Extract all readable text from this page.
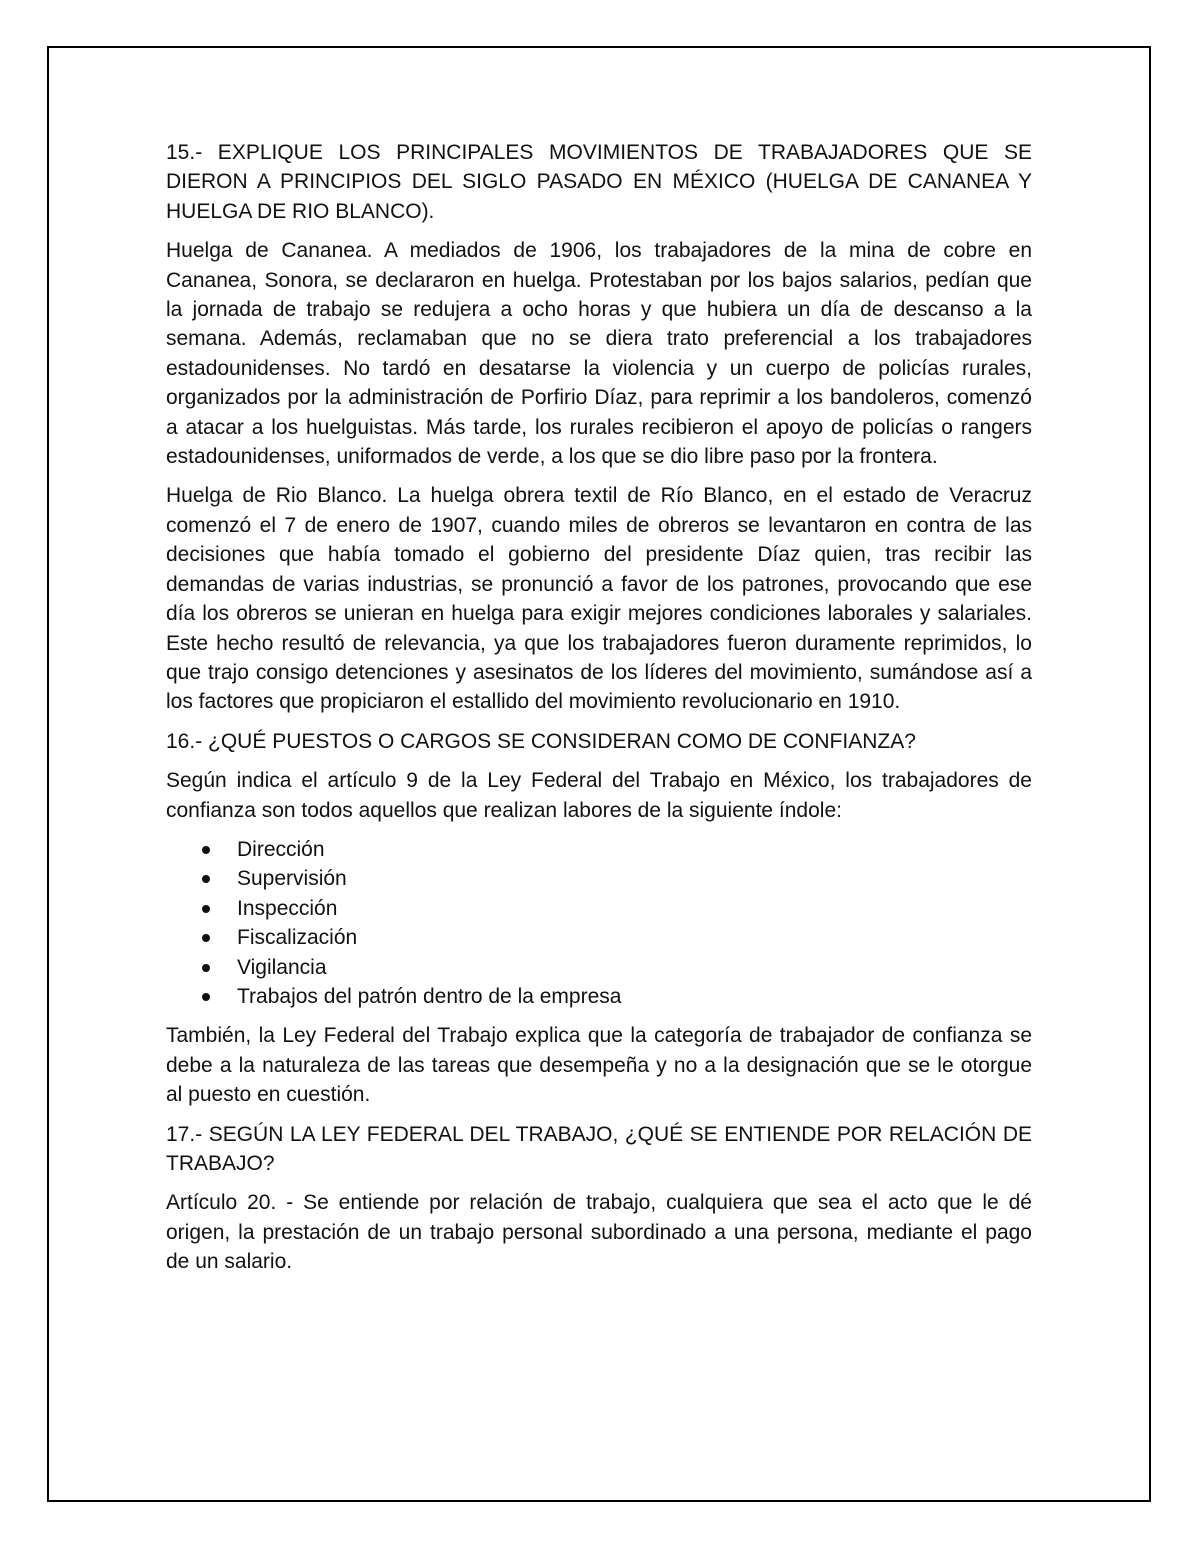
15.- EXPLIQUE LOS PRINCIPALES MOVIMIENTOS DE TRABAJADORES QUE SE DIERON A PRINCIPIOS DEL SIGLO PASADO EN MÉXICO (HUELGA DE CANANEA Y HUELGA DE RIO BLANCO).

Huelga de Cananea. A mediados de 1906, los trabajadores de la mina de cobre en Cananea, Sonora, se declararon en huelga. Protestaban por los bajos salarios, pedían que la jornada de trabajo se redujera a ocho horas y que hubiera un día de descanso a la semana. Además, reclamaban que no se diera trato preferencial a los trabajadores estadounidenses. No tardó en desatarse la violencia y un cuerpo de policías rurales, organizados por la administración de Porfirio Díaz, para reprimir a los bandoleros, comenzó a atacar a los huelguistas. Más tarde, los rurales recibieron el apoyo de policías o rangers estadounidenses, uniformados de verde, a los que se dio libre paso por la frontera.

Huelga de Rio Blanco. La huelga obrera textil de Río Blanco, en el estado de Veracruz comenzó el 7 de enero de 1907, cuando miles de obreros se levantaron en contra de las decisiones que había tomado el gobierno del presidente Díaz quien, tras recibir las demandas de varias industrias, se pronunció a favor de los patrones, provocando que ese día los obreros se unieran en huelga para exigir mejores condiciones laborales y salariales. Este hecho resultó de relevancia, ya que los trabajadores fueron duramente reprimidos, lo que trajo consigo detenciones y asesinatos de los líderes del movimiento, sumándose así a los factores que propiciaron el estallido del movimiento revolucionario en 1910.

16.- ¿QUÉ PUESTOS O CARGOS SE CONSIDERAN COMO DE CONFIANZA?

Según indica el artículo 9 de la Ley Federal del Trabajo en México, los trabajadores de confianza son todos aquellos que realizan labores de la siguiente índole:

Dirección
Supervisión
Inspección
Fiscalización
Vigilancia
Trabajos del patrón dentro de la empresa

También, la Ley Federal del Trabajo explica que la categoría de trabajador de confianza se debe a la naturaleza de las tareas que desempeña y no a la designación que se le otorgue al puesto en cuestión.

17.- SEGÚN LA LEY FEDERAL DEL TRABAJO, ¿QUÉ SE ENTIENDE POR RELACIÓN DE TRABAJO?

Artículo 20. - Se entiende por relación de trabajo, cualquiera que sea el acto que le dé origen, la prestación de un trabajo personal subordinado a una persona, mediante el pago de un salario.
